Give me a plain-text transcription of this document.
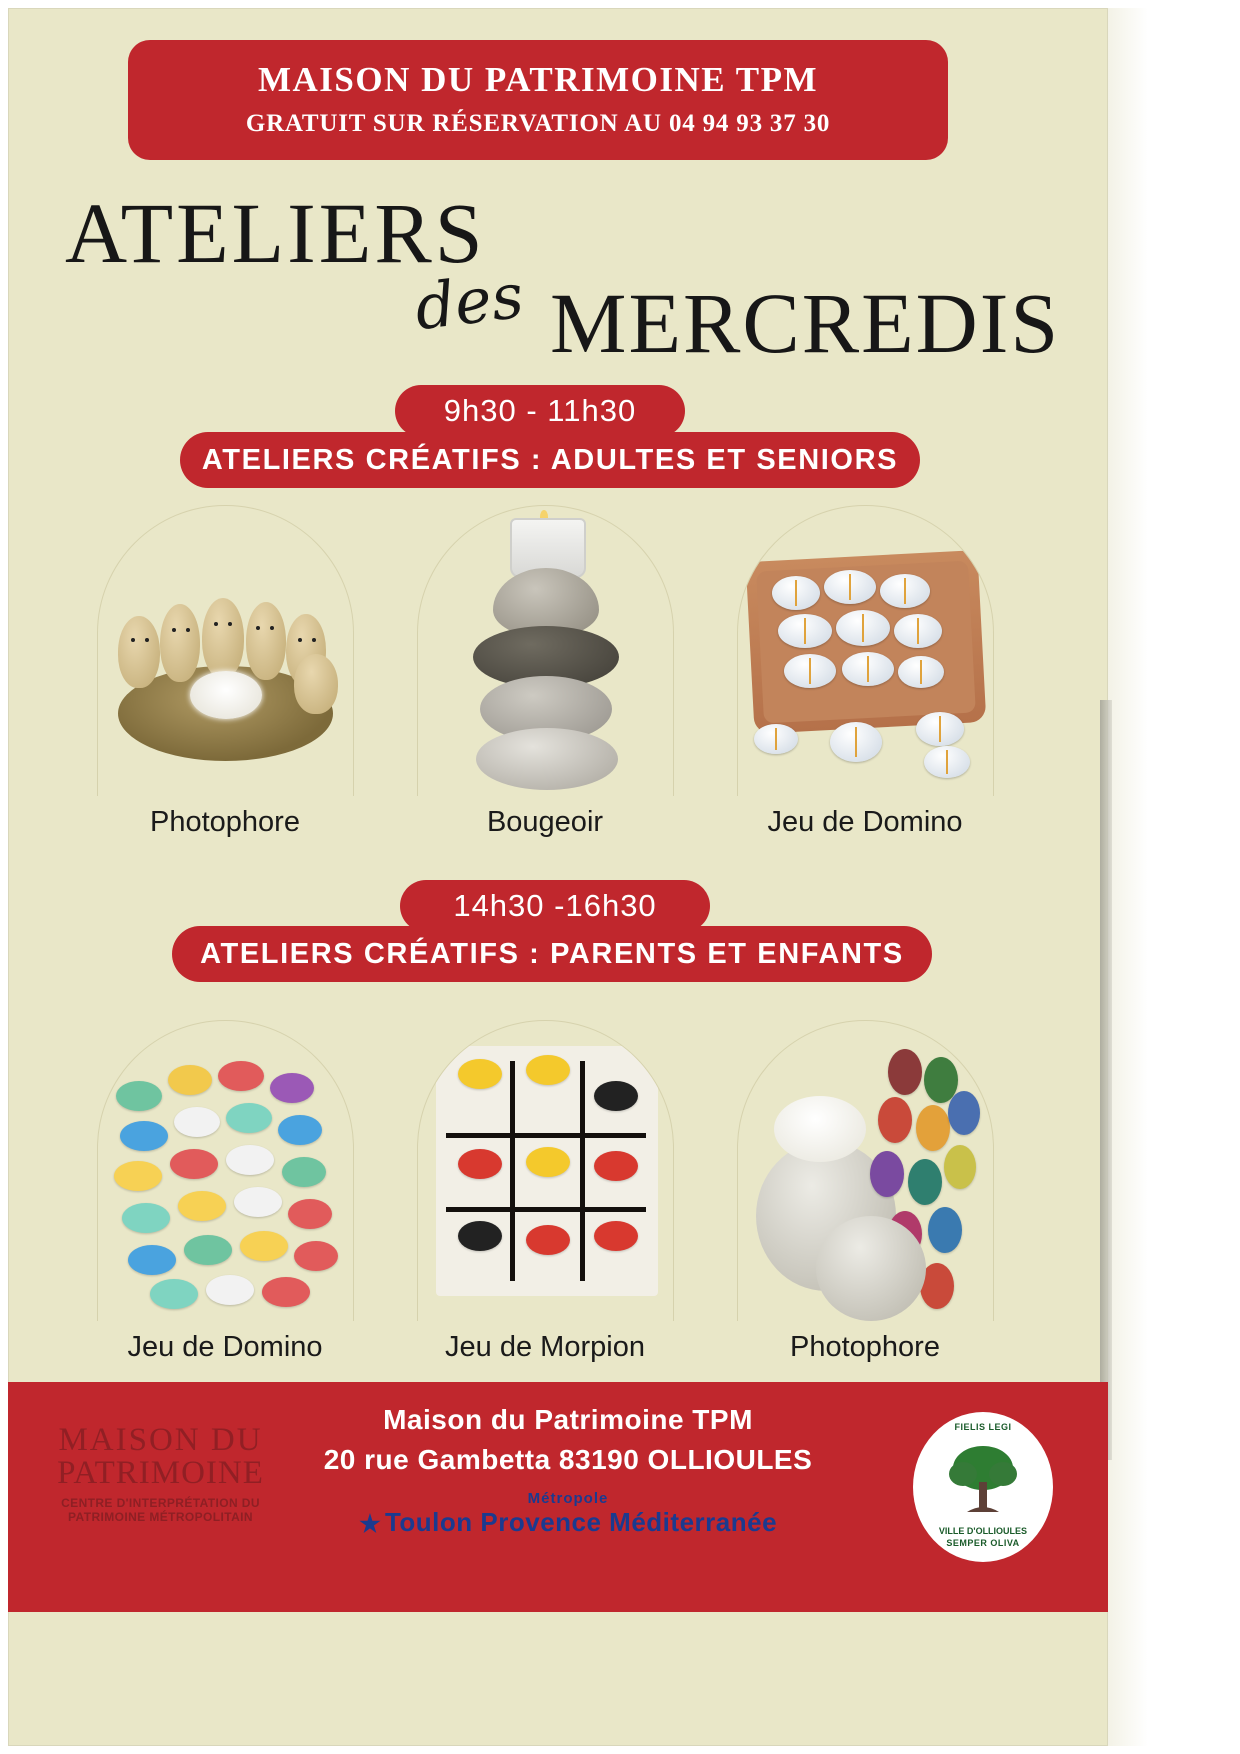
MAISON DU PATRIMOINE TPM
GRATUIT SUR RÉSERVATION AU 04 94 93 37 30
ATELIERS
des MERCREDIS
9h30 - 11h30
ATELIERS CRÉATIFS : ADULTES ET SENIORS
Photophore	Bougeoir	Jeu de Domino
14h30 -16h30
ATELIERS CRÉATIFS : PARENTS ET ENFANTS
Jeu de Domino	Jeu de Morpion	Photophore
MAISON DU
PATRIMOINE
CENTRE D'INTERPRÉTATION DU
PATRIMOINE MÉTROPOLITAIN
Maison du Patrimoine TPM
20 rue Gambetta 83190 OLLIOULES
Métropole
Toulon Provence Méditerranée
FIELIS LEGI
VILLE D'OLLIOULES
SEMPER OLIVA
